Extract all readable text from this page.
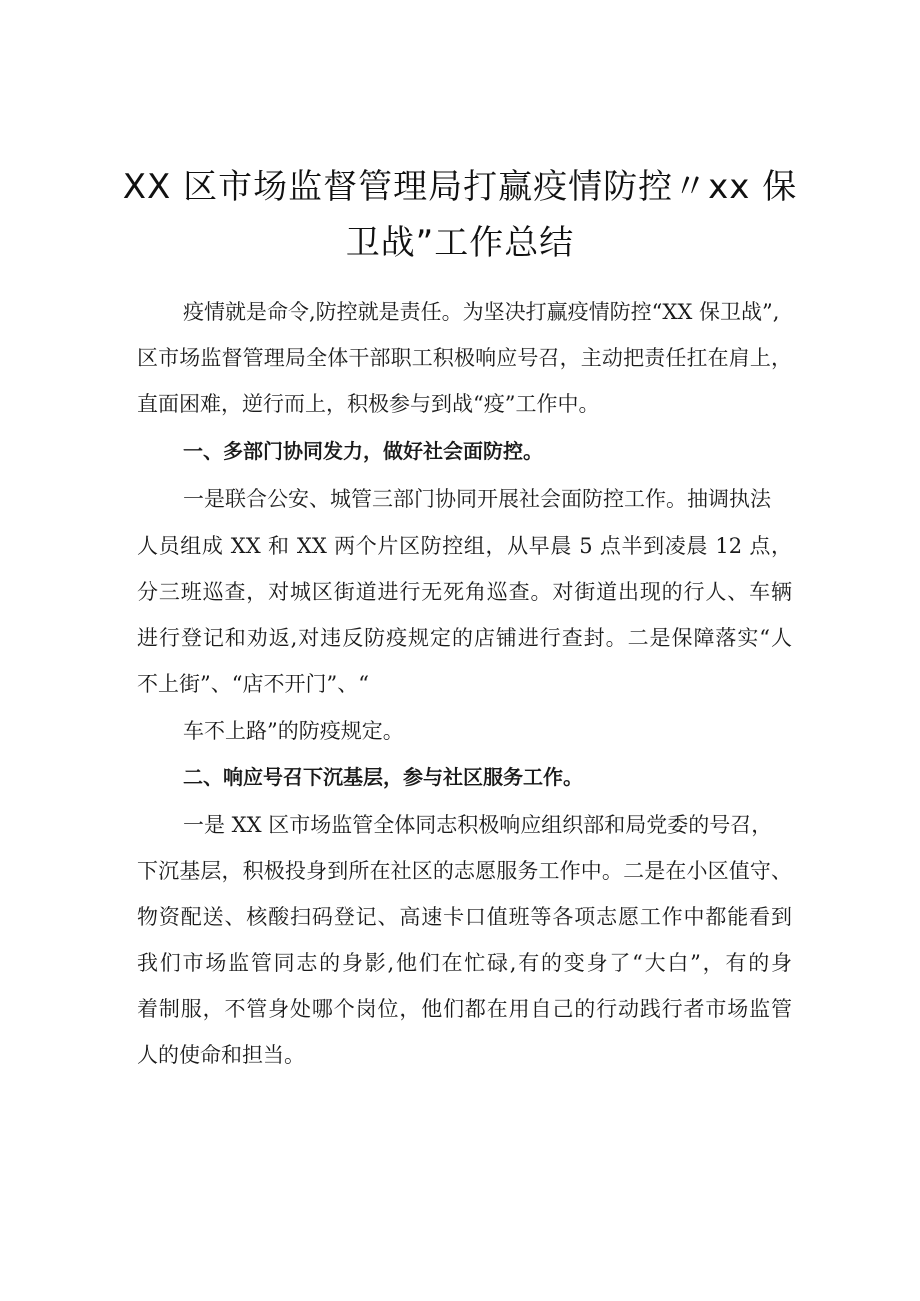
XX 区市场监督管理局打赢疫情防控〃xx 保
卫战”工作总结

疫情就是命令,防控就是责任。为坚决打赢疫情防控“XX 保卫战”,

区市场监督管理局全体干部职工积极响应号召，主动把责任扛在肩上，

直面困难，逆行而上，积极参与到战“疫”工作中。

一、多部门协同发力，做好社会面防控。

一是联合公安、城管三部门协同开展社会面防控工作。抽调执法

人员组成 XX 和 XX 两个片区防控组，从早晨 5 点半到凌晨 12 点，

分三班巡查，对城区街道进行无死角巡查。对街道出现的行人、车辆

进行登记和劝返,对违反防疫规定的店铺进行查封。二是保障落实“人

不上街”、“店不开门”、“

车不上路”的防疫规定。

二、响应号召下沉基层，参与社区服务工作。

一是 XX 区市场监管全体同志积极响应组织部和局党委的号召，

下沉基层，积极投身到所在社区的志愿服务工作中。二是在小区值守、

物资配送、核酸扫码登记、高速卡口值班等各项志愿工作中都能看到

我们市场监管同志的身影,他们在忙碌,有的变身了“大白”，有的身

着制服，不管身处哪个岗位，他们都在用自己的行动践行者市场监管

人的使命和担当。
